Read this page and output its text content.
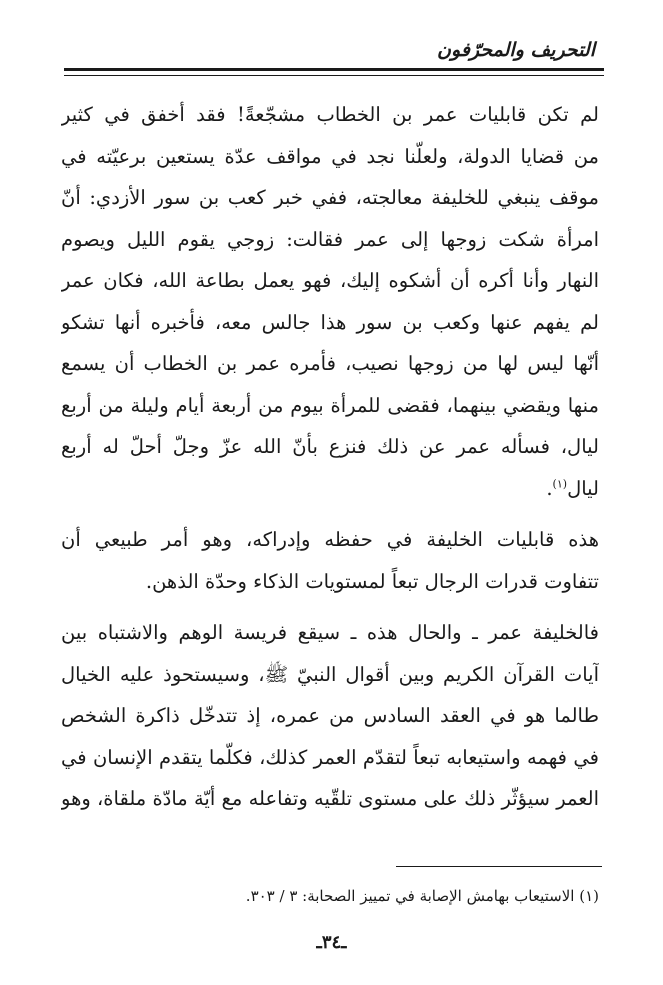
التحريف والمحرّفون
لم تكن قابليات عمر بن الخطاب مشجّعةً! فقد أخفق في كثير
من قضايا الدولة، ولعلّنا نجد في مواقف عدّة يستعين برعيّته في
موقف ينبغي للخليفة معالجته، ففي خبر كعب بن سور الأزدي: أنّ
امرأة شكت زوجها إلى عمر فقالت: زوجي يقوم الليل ويصوم
النهار وأنا أكره أن أشكوه إليك، فهو يعمل بطاعة الله، فكان عمر
لم يفهم عنها وكعب بن سور هذا جالس معه، فأخبره أنها تشكو
أنّها ليس لها من زوجها نصيب، فأمره عمر بن الخطاب أن يسمع
منها ويقضي بينهما، فقضى للمرأة بيوم من أربعة أيام وليلة من أربع
ليال، فسأله عمر عن ذلك فنزع بأنّ الله عزّ وجلّ أحلّ له أربع
ليال$^{(١)}$.
هذه قابليات الخليفة في حفظه وإدراكه، وهو أمر طبيعي أن
تتفاوت قدرات الرجال تبعاً لمستويات الذكاء وحدّة الذهن.
فالخليفة عمر ـ والحال هذه ـ سيقع فريسة الوهم والاشتباه بين
آيات القرآن الكريم وبين أقوال النبيّ ﷺ، وسيستحوذ عليه الخيال
طالما هو في العقد السادس من عمره، إذ تتدخّل ذاكرة الشخص
في فهمه واستيعابه تبعاً لتقدّم العمر كذلك، فكلّما يتقدم الإنسان في
العمر سيؤثّر ذلك على مستوى تلقّيه وتفاعله مع أيّة مادّة ملقاة، وهو
(١) الاستيعاب بهامش الإصابة في تمييز الصحابة: ٣ / ٣٠٣.
ـ٣٤ـ
